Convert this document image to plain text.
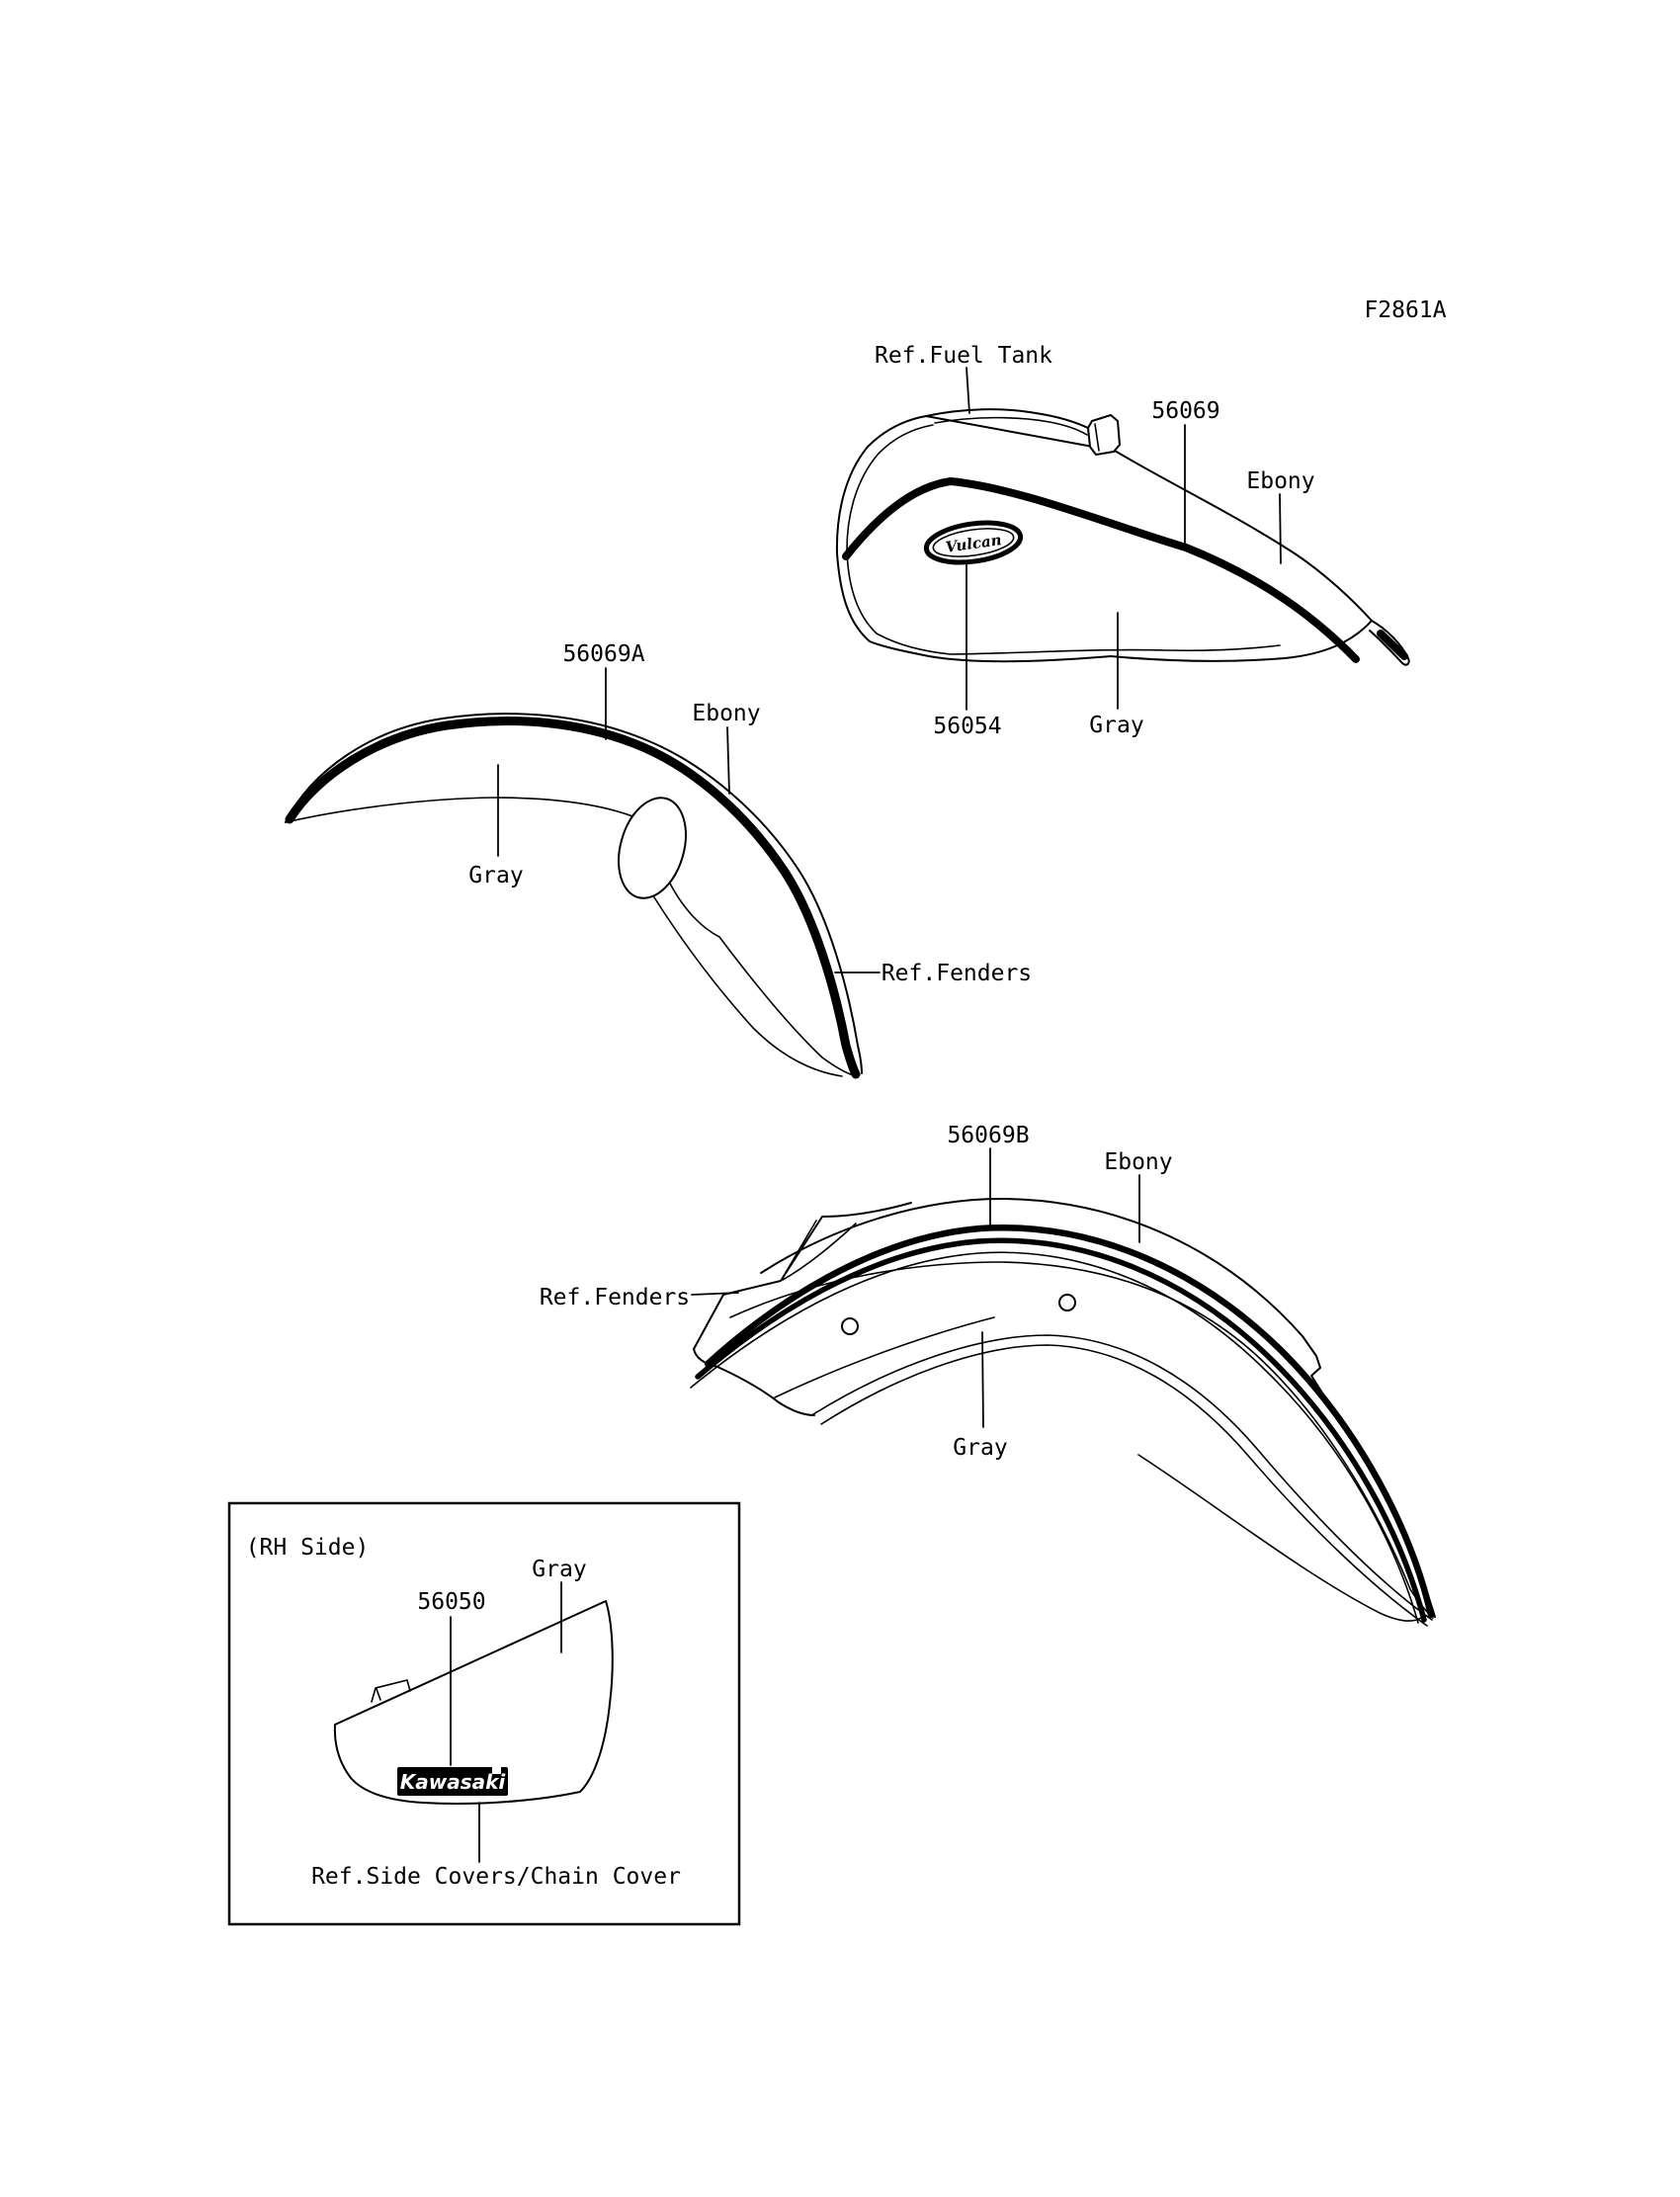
F2861A
Vulcan
Ref.Fuel Tank
56069
Ebony
56054	Gray
56069A
Ebony
Gray
Ref.Fenders
56069B
Ebony
Ref.Fenders
Gray
Kawasaki
(RH Side)
Gray
56050
Ref.Side Covers/Chain Cover
